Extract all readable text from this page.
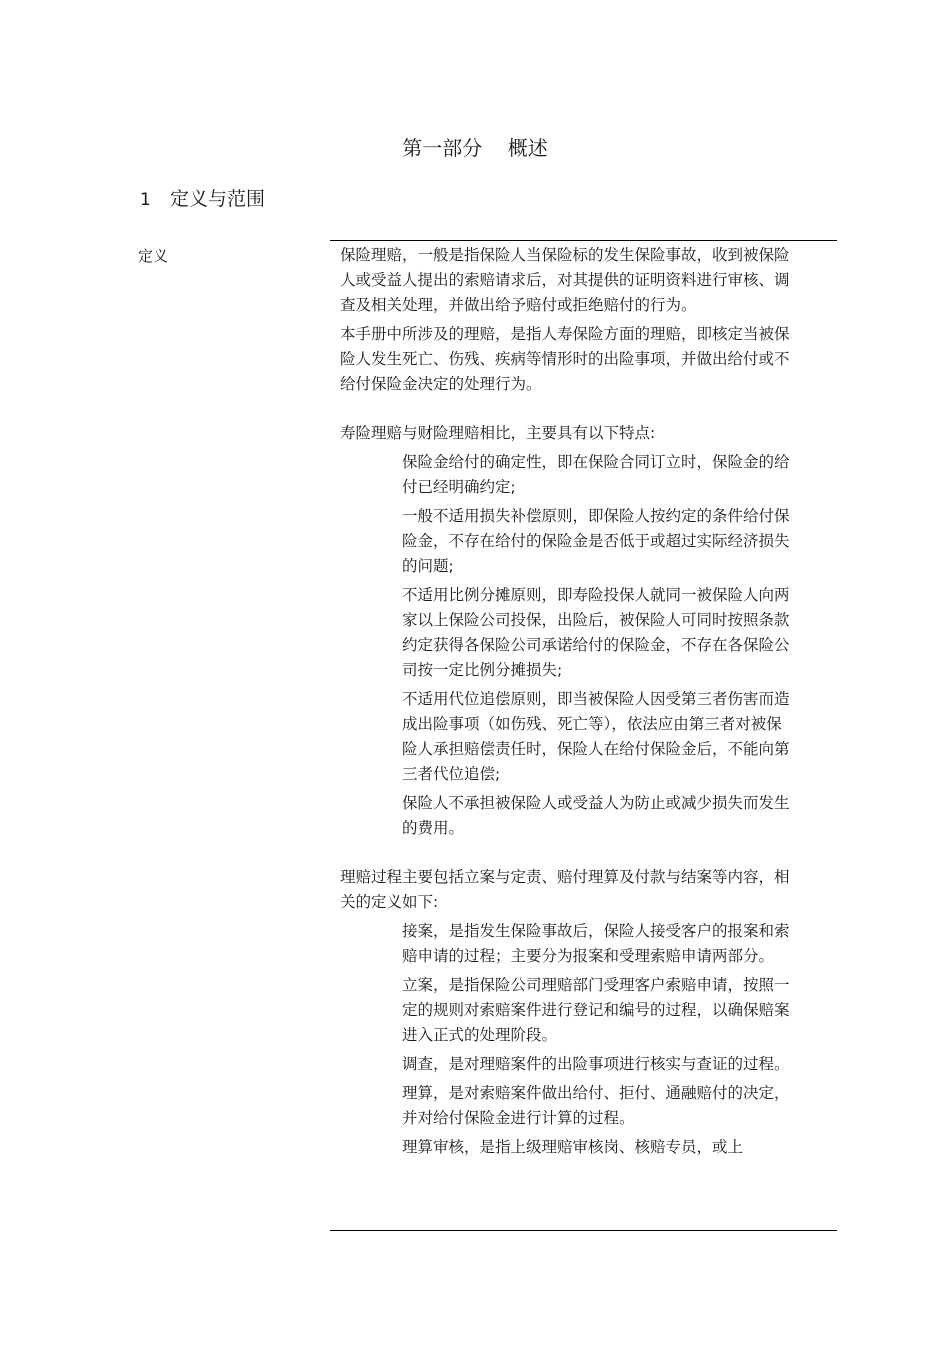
第一部分    概述
1 定义与范围
定义	保险理赔，一般是指保险人当保险标的发生保险事故，收到被保险人或受益人提出的索赔请求后，对其提供的证明资料进行审核、调查及相关处理，并做出给予赔付或拒绝赔付的行为。
本手册中所涉及的理赔，是指人寿保险方面的理赔，即核定当被保险人发生死亡、伤残、疾病等情形时的出险事项，并做出给付或不给付保险金决定的处理行为。
寿险理赔与财险理赔相比，主要具有以下特点:
保险金给付的确定性，即在保险合同订立时，保险金的给付已经明确约定;
一般不适用损失补偿原则，即保险人按约定的条件给付保险金，不存在给付的保险金是否低于或超过实际经济损失的问题;
不适用比例分摊原则，即寿险投保人就同一被保险人向两家以上保险公司投保，出险后，被保险人可同时按照条款约定获得各保险公司承诺给付的保险金，不存在各保险公司按一定比例分摊损失;
不适用代位追偿原则，即当被保险人因受第三者伤害而造成出险事项（如伤残、死亡等），依法应由第三者对被保险人承担赔偿责任时，保险人在给付保险金后，不能向第三者代位追偿;
保险人不承担被保险人或受益人为防止或减少损失而发生的费用。
理赔过程主要包括立案与定责、赔付理算及付款与结案等内容，相关的定义如下:
接案，是指发生保险事故后，保险人接受客户的报案和索赔申请的过程；主要分为报案和受理索赔申请两部分。
立案，是指保险公司理赔部门受理客户索赔申请，按照一定的规则对索赔案件进行登记和编号的过程，以确保赔案进入正式的处理阶段。
调查，是对理赔案件的出险事项进行核实与查证的过程。
理算，是对索赔案件做出给付、拒付、通融赔付的决定，并对给付保险金进行计算的过程。
理算审核，是指上级理赔审核岗、核赔专员，或上
